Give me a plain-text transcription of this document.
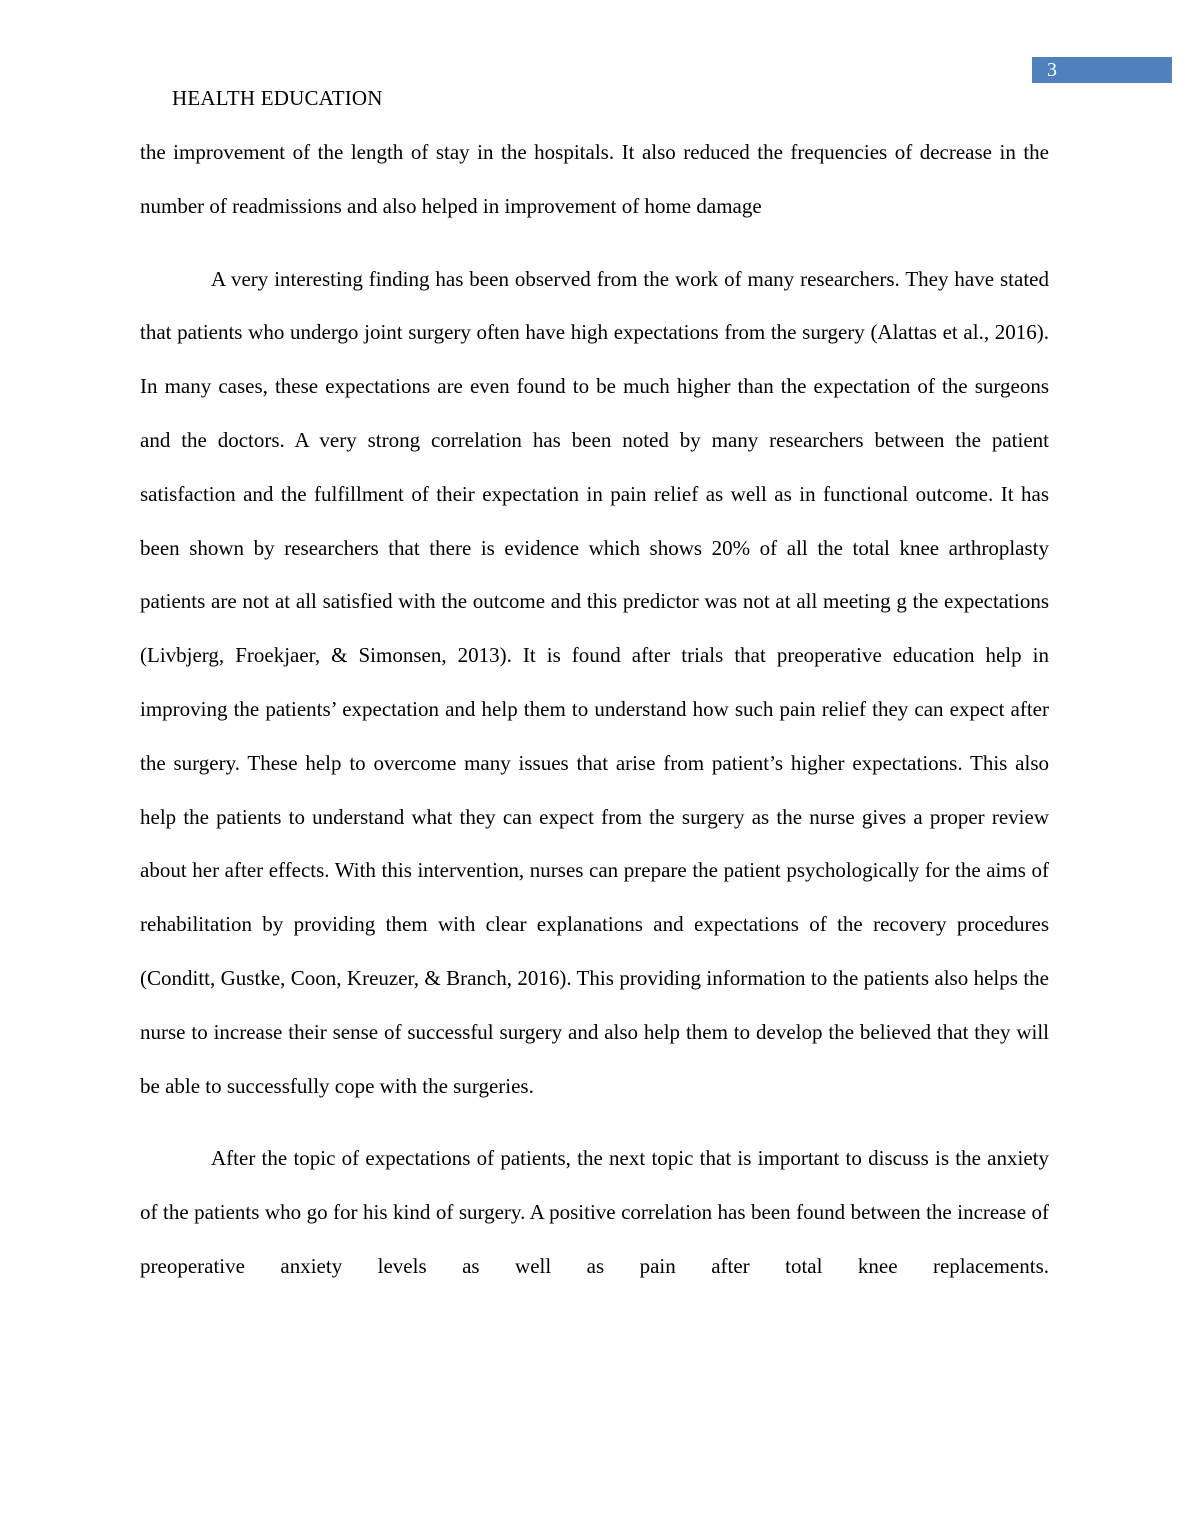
3
HEALTH EDUCATION

the improvement of the length of stay in the hospitals. It also reduced the frequencies of decrease in the number of readmissions and also helped in improvement of home damage

A very interesting finding has been observed from the work of many researchers. They have stated that patients who undergo joint surgery often have high expectations from the surgery (Alattas et al., 2016). In many cases, these expectations are even found to be much higher than the expectation of the surgeons and the doctors. A very strong correlation has been noted by many researchers between the patient satisfaction and the fulfillment of their expectation in pain relief as well as in functional outcome. It has been shown by researchers that there is evidence which shows 20% of all the total knee arthroplasty patients are not at all satisfied with the outcome and this predictor was not at all meeting g the expectations (Livbjerg, Froekjaer, & Simonsen, 2013). It is found after trials that preoperative education help in improving the patients’ expectation and help them to understand how such pain relief they can expect after the surgery. These help to overcome many issues that arise from patient’s higher expectations. This also help the patients to understand what they can expect from the surgery as the nurse gives a proper review about her after effects. With this intervention, nurses can prepare the patient psychologically for the aims of rehabilitation by providing them with clear explanations and expectations of the recovery procedures (Conditt, Gustke, Coon, Kreuzer, & Branch, 2016). This providing information to the patients also helps the nurse to increase their sense of successful surgery and also help them to develop the believed that they will be able to successfully cope with the surgeries.

After the topic of expectations of patients, the next topic that is important to discuss is the anxiety of the patients who go for his kind of surgery. A positive correlation has been found between the increase of preoperative anxiety levels as well as pain after total knee replacements.
